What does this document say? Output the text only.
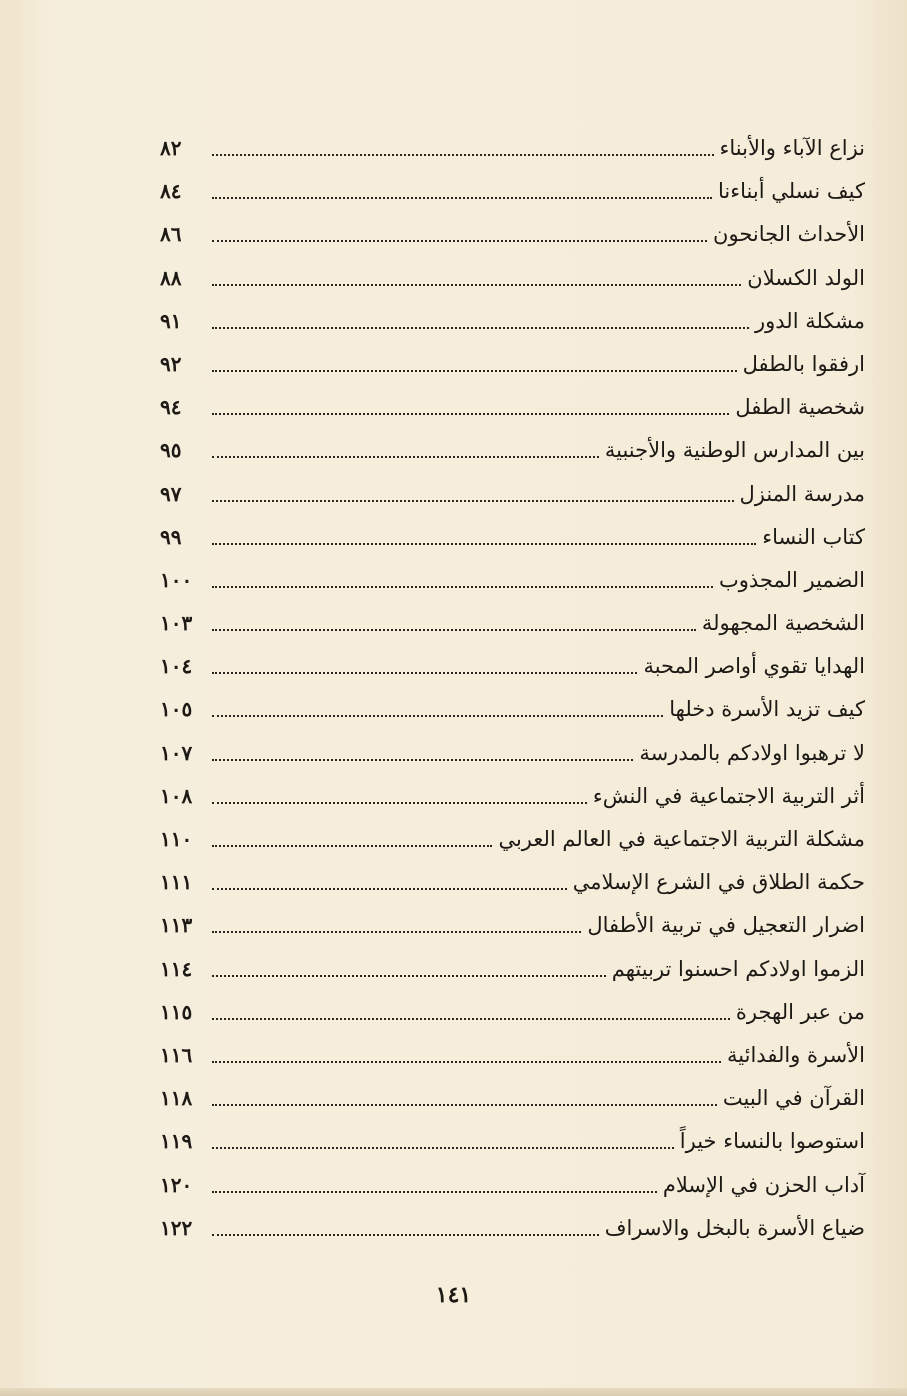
نزاع الآباء والأبناء
٨٢
كيف نسلي أبناءنا
٨٤
الأحداث الجانحون
٨٦
الولد الكسلان
٨٨
مشكلة الدور
٩١
ارفقوا بالطفل
٩٢
شخصية الطفل
٩٤
بين المدارس الوطنية والأجنبية
٩٥
مدرسة المنزل
٩٧
كتاب النساء
٩٩
الضمير المجذوب
١٠٠
الشخصية المجهولة
١٠٣
الهدايا تقوي أواصر المحبة
١٠٤
كيف تزيد الأسرة دخلها
١٠٥
لا ترهبوا اولادكم بالمدرسة
١٠٧
أثر التربية الاجتماعية في النشء
١٠٨
مشكلة التربية الاجتماعية في العالم العربي
١١٠
حكمة الطلاق في الشرع الإسلامي
١١١
اضرار التعجيل في تربية الأطفال
١١٣
الزموا اولادكم احسنوا تربيتهم
١١٤
من عبر الهجرة
١١٥
الأسرة والفدائية
١١٦
القرآن في البيت
١١٨
استوصوا بالنساء خيراً
١١٩
آداب الحزن في الإسلام
١٢٠
ضياع الأسرة بالبخل والاسراف
١٢٢
١٤١
